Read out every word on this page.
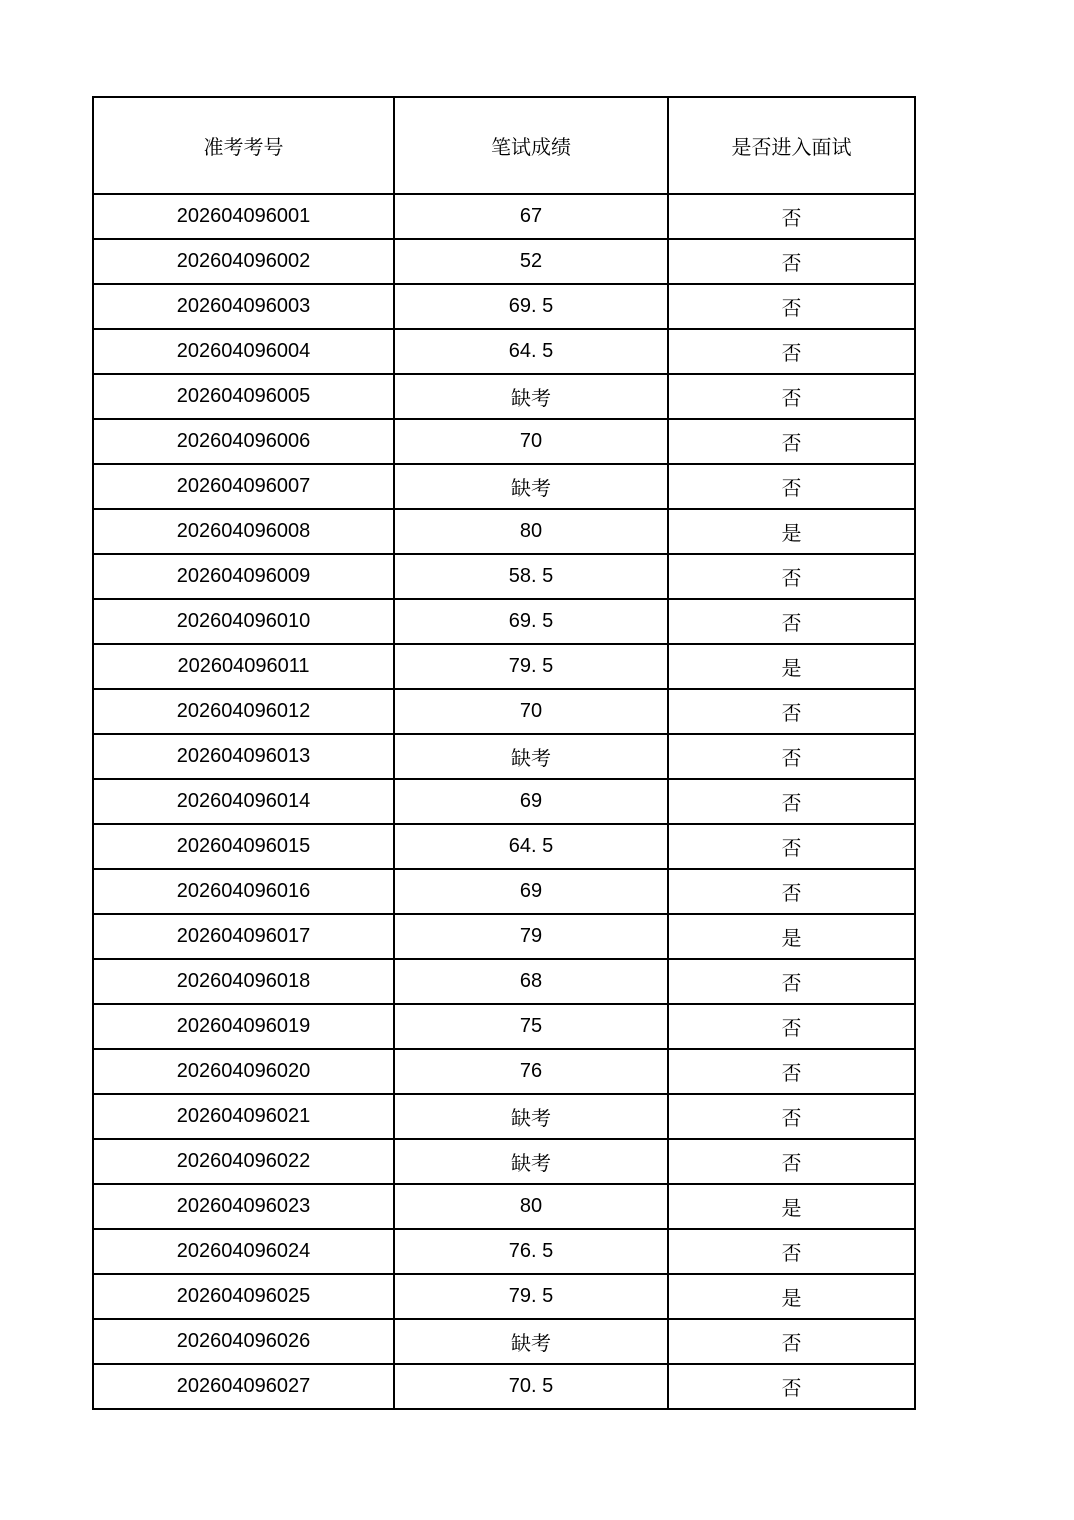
准考考号	笔试成绩	是否进入面试
202604096001	67	否
202604096002	52	否
202604096003	69. 5	否
202604096004	64. 5	否
202604096005	缺考	否
202604096006	70	否
202604096007	缺考	否
202604096008	80	是
202604096009	58. 5	否
202604096010	69. 5	否
202604096011	79. 5	是
202604096012	70	否
202604096013	缺考	否
202604096014	69	否
202604096015	64. 5	否
202604096016	69	否
202604096017	79	是
202604096018	68	否
202604096019	75	否
202604096020	76	否
202604096021	缺考	否
202604096022	缺考	否
202604096023	80	是
202604096024	76. 5	否
202604096025	79. 5	是
202604096026	缺考	否
202604096027	70. 5	否
